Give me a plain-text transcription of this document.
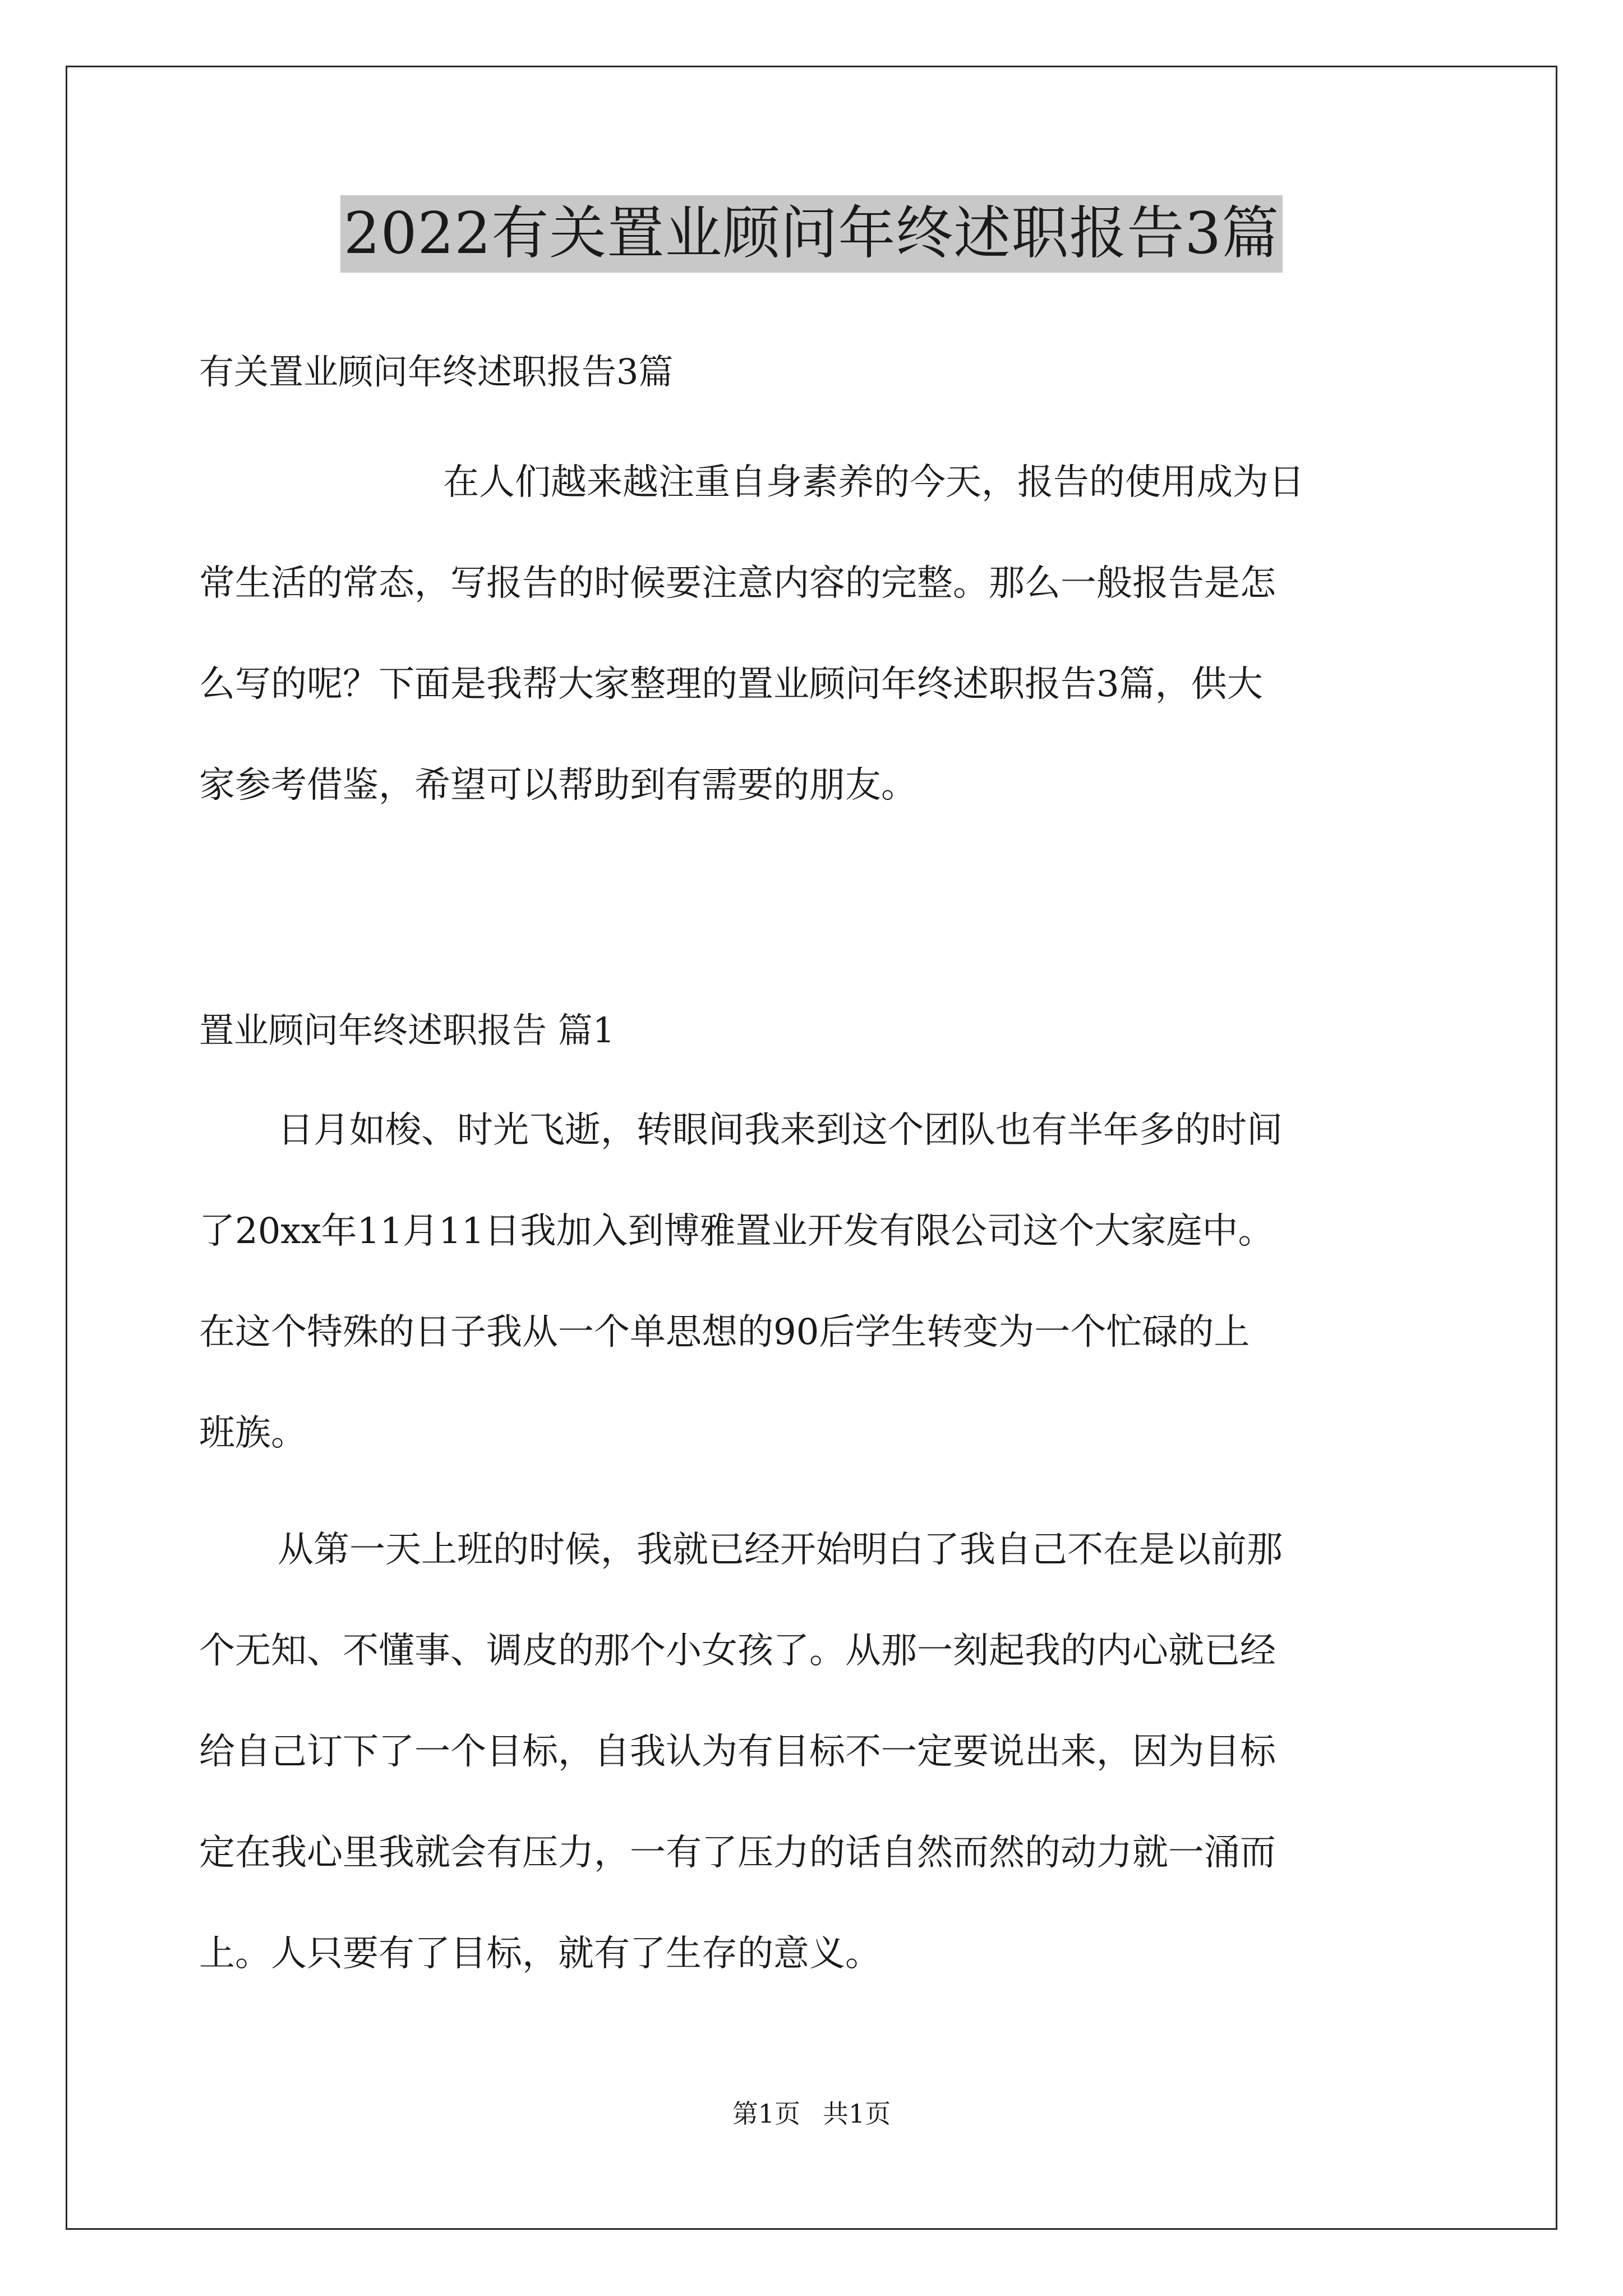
2022有关置业顾问年终述职报告3篇
有关置业顾问年终述职报告3篇
在人们越来越注重自身素养的今天，报告的使用成为日
常生活的常态，写报告的时候要注意内容的完整。那么一般报告是怎
么写的呢？下面是我帮大家整理的置业顾问年终述职报告3篇，供大
家参考借鉴，希望可以帮助到有需要的朋友。
置业顾问年终述职报告 篇1
日月如梭、时光飞逝，转眼间我来到这个团队也有半年多的时间
了20xx年11月11日我加入到博雅置业开发有限公司这个大家庭中。
在这个特殊的日子我从一个单思想的90后学生转变为一个忙碌的上
班族。
从第一天上班的时候，我就已经开始明白了我自己不在是以前那
个无知、不懂事、调皮的那个小女孩了。从那一刻起我的内心就已经
给自己订下了一个目标，自我认为有目标不一定要说出来，因为目标
定在我心里我就会有压力，一有了压力的话自然而然的动力就一涌而
上。人只要有了目标，就有了生存的意义。
第1页 共1页
